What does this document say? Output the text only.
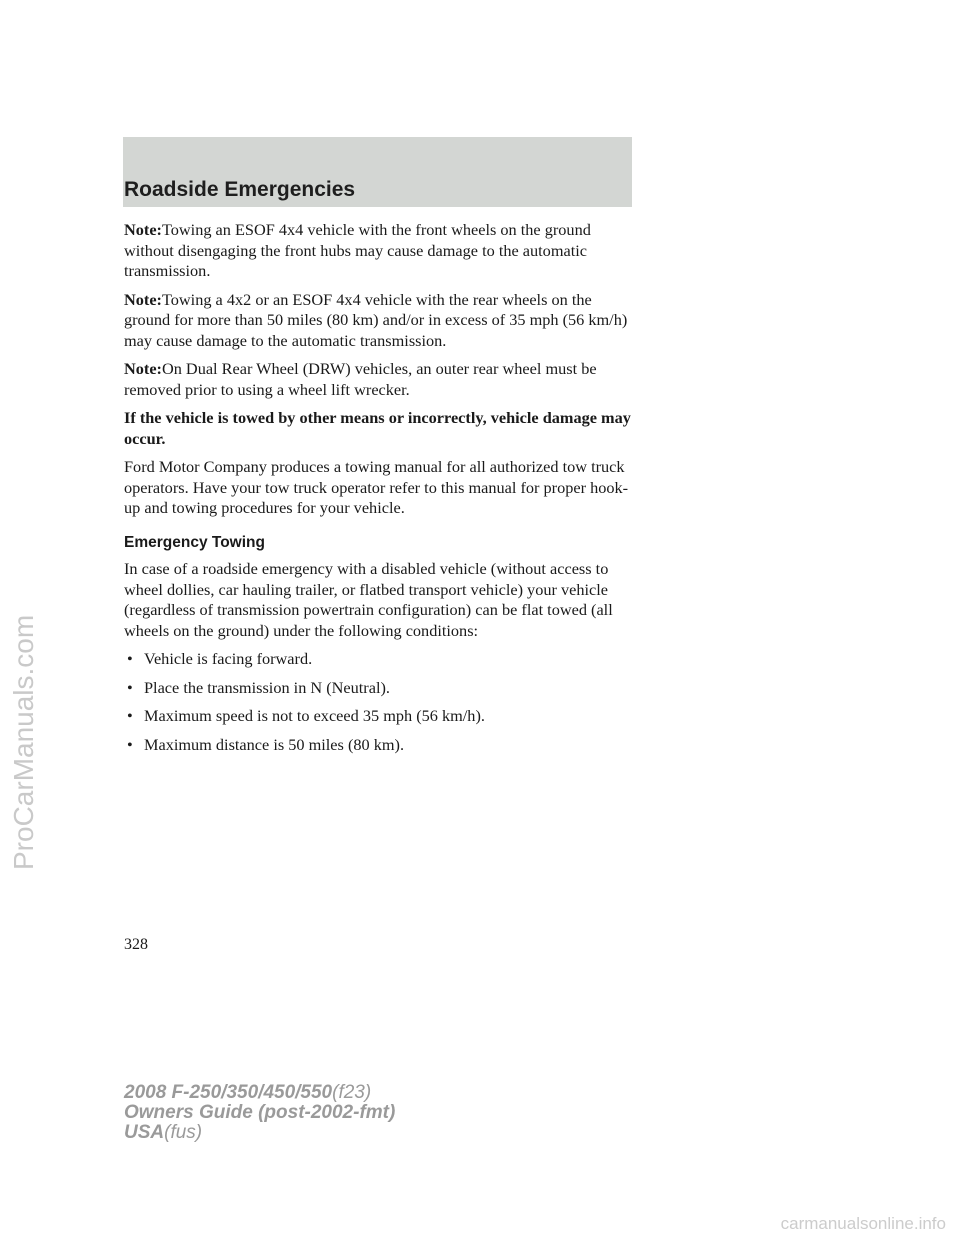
Roadside Emergencies

Note:Towing an ESOF 4x4 vehicle with the front wheels on the ground without disengaging the front hubs may cause damage to the automatic transmission.

Note:Towing a 4x2 or an ESOF 4x4 vehicle with the rear wheels on the ground for more than 50 miles (80 km) and/or in excess of 35 mph (56 km/h) may cause damage to the automatic transmission.

Note:On Dual Rear Wheel (DRW) vehicles, an outer rear wheel must be removed prior to using a wheel lift wrecker.

If the vehicle is towed by other means or incorrectly, vehicle damage may occur.

Ford Motor Company produces a towing manual for all authorized tow truck operators. Have your tow truck operator refer to this manual for proper hook-up and towing procedures for your vehicle.

Emergency Towing

In case of a roadside emergency with a disabled vehicle (without access to wheel dollies, car hauling trailer, or flatbed transport vehicle) your vehicle (regardless of transmission powertrain configuration) can be flat towed (all wheels on the ground) under the following conditions:

• Vehicle is facing forward.
• Place the transmission in N (Neutral).
• Maximum speed is not to exceed 35 mph (56 km/h).
• Maximum distance is 50 miles (80 km).
328
2008 F-250/350/450/550(f23)
Owners Guide (post-2002-fmt)
USA(fus)
ProCarManuals.com
carmanualsonline.info
